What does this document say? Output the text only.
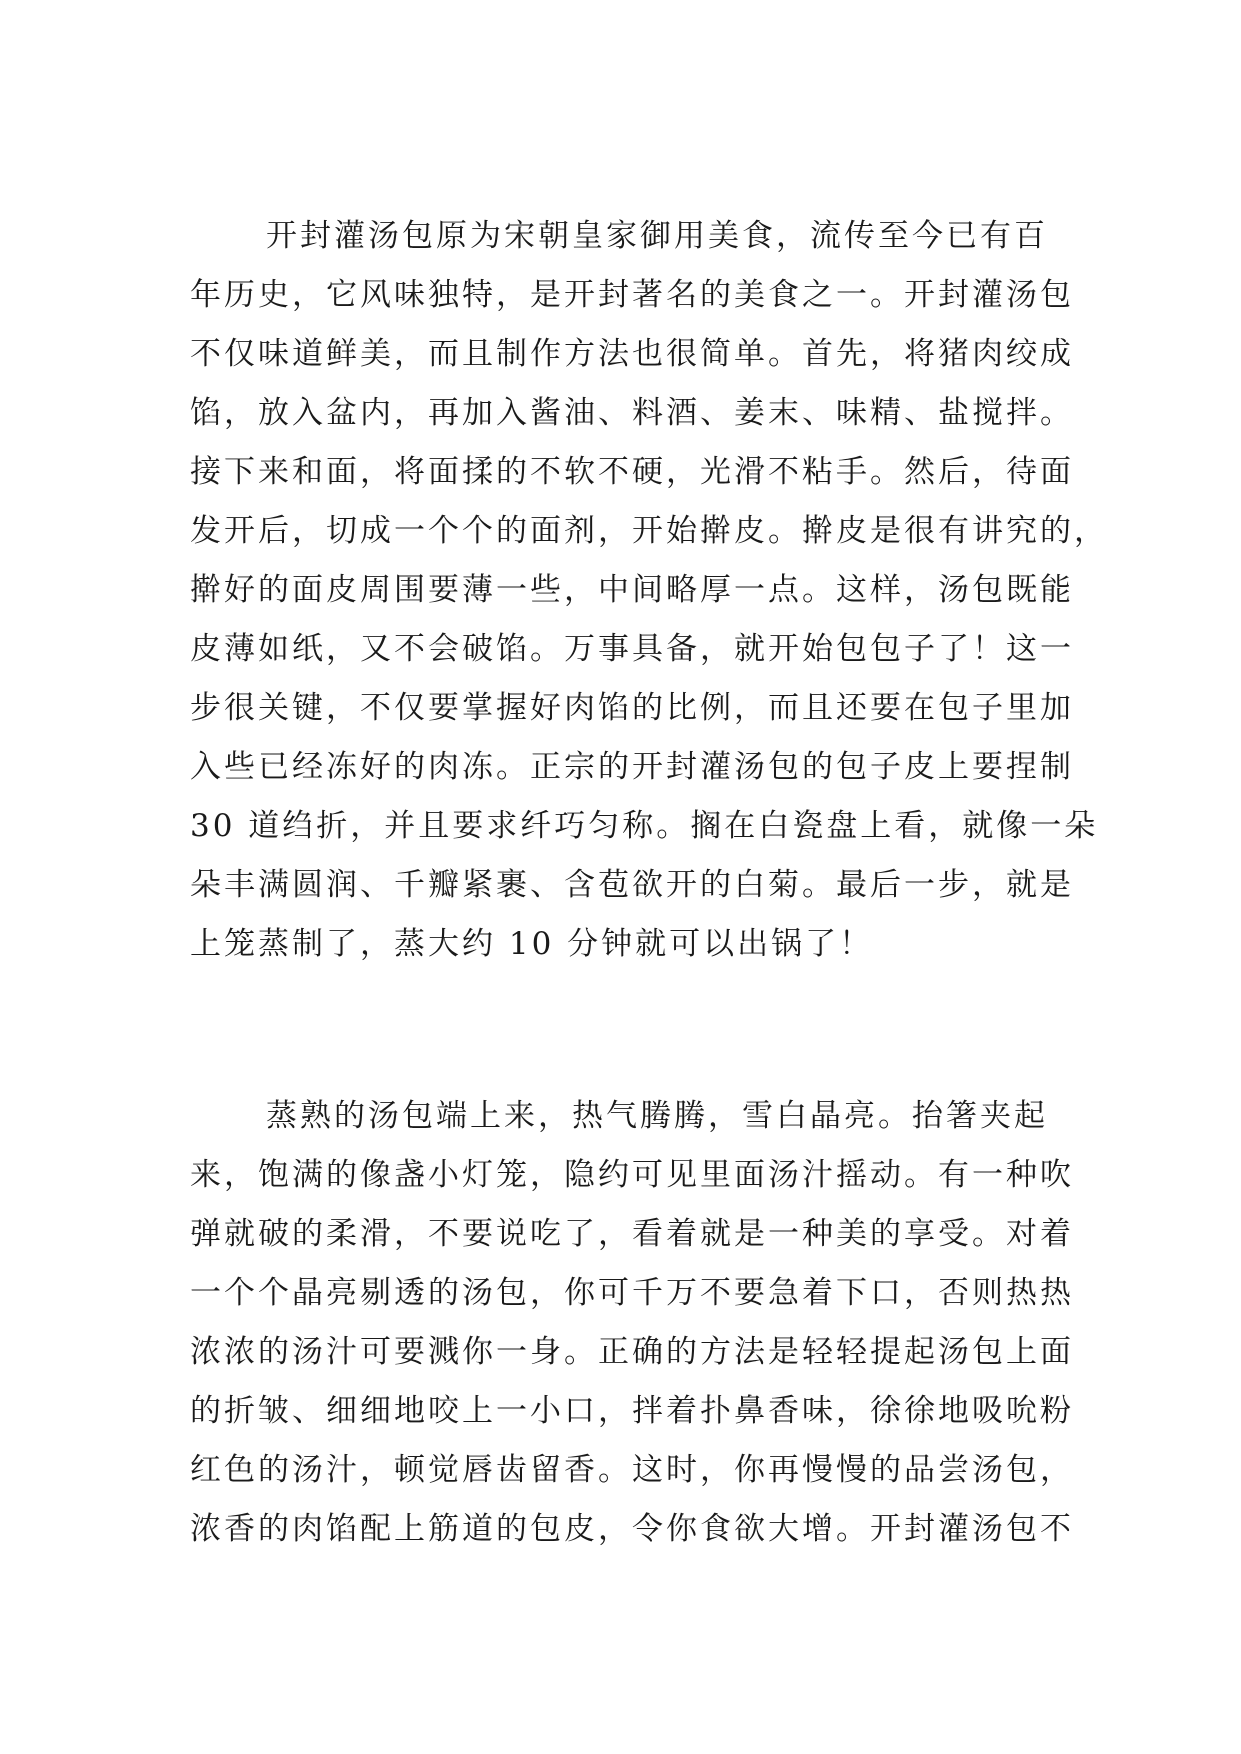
开封灌汤包原为宋朝皇家御用美食，流传至今已有百
年历史，它风味独特，是开封著名的美食之一。开封灌汤包
不仅味道鲜美，而且制作方法也很简单。首先，将猪肉绞成
馅，放入盆内，再加入酱油、料酒、姜末、味精、盐搅拌。
接下来和面，将面揉的不软不硬，光滑不粘手。然后，待面
发开后，切成一个个的面剂，开始擀皮。擀皮是很有讲究的，
擀好的面皮周围要薄一些，中间略厚一点。这样，汤包既能
皮薄如纸，又不会破馅。万事具备，就开始包包子了！这一
步很关键，不仅要掌握好肉馅的比例，而且还要在包子里加
入些已经冻好的肉冻。正宗的开封灌汤包的包子皮上要捏制
30 道绉折，并且要求纤巧匀称。搁在白瓷盘上看，就像一朵
朵丰满圆润、千瓣紧裹、含苞欲开的白菊。最后一步，就是
上笼蒸制了，蒸大约 10 分钟就可以出锅了！
蒸熟的汤包端上来，热气腾腾，雪白晶亮。抬箸夹起
来，饱满的像盏小灯笼，隐约可见里面汤汁摇动。有一种吹
弹就破的柔滑，不要说吃了，看着就是一种美的享受。对着
一个个晶亮剔透的汤包，你可千万不要急着下口，否则热热
浓浓的汤汁可要溅你一身。正确的方法是轻轻提起汤包上面
的折皱、细细地咬上一小口，拌着扑鼻香味，徐徐地吸吮粉
红色的汤汁，顿觉唇齿留香。这时，你再慢慢的品尝汤包，
浓香的肉馅配上筋道的包皮，令你食欲大增。开封灌汤包不
